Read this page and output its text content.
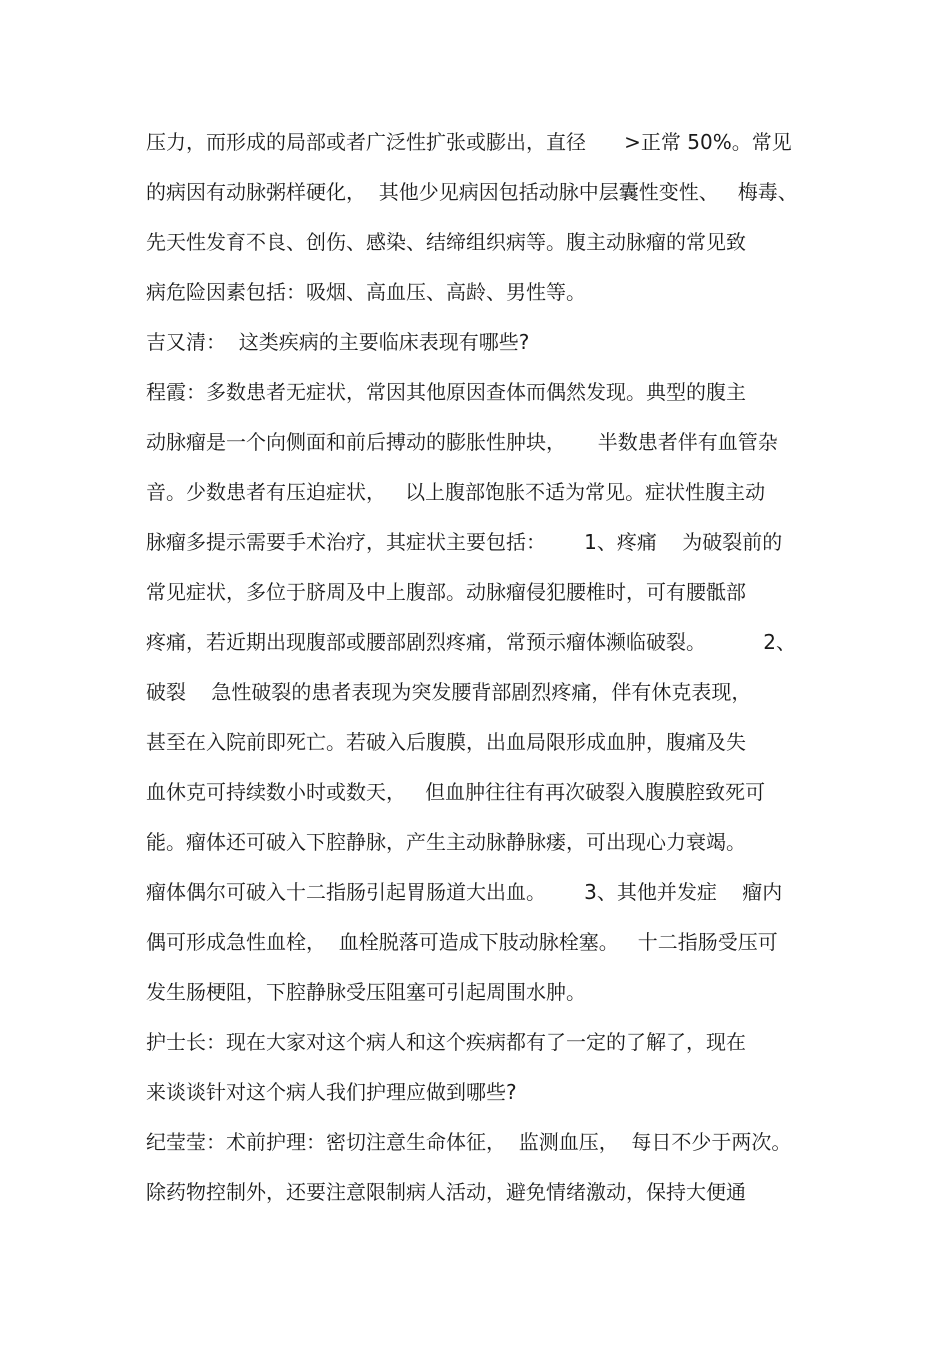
压力，而形成的局部或者广泛性扩张或膨出，直径      >正常 50%。常见
的病因有动脉粥样硬化，  其他少见病因包括动脉中层囊性变性、   梅毒、
先天性发育不良、创伤、感染、结缔组织病等。腹主动脉瘤的常见致
病危险因素包括：吸烟、高血压、高龄、男性等。
吉又清：  这类疾病的主要临床表现有哪些?
程霞：多数患者无症状，常因其他原因查体而偶然发现。典型的腹主
动脉瘤是一个向侧面和前后搏动的膨胀性肿块，     半数患者伴有血管杂
音。少数患者有压迫症状，   以上腹部饱胀不适为常见。症状性腹主动
脉瘤多提示需要手术治疗，其症状主要包括：      1、疼痛    为破裂前的
常见症状，多位于脐周及中上腹部。动脉瘤侵犯腰椎时，可有腰骶部
疼痛，若近期出现腹部或腰部剧烈疼痛，常预示瘤体濒临破裂。         2、
破裂    急性破裂的患者表现为突发腰背部剧烈疼痛，伴有休克表现，
甚至在入院前即死亡。若破入后腹膜，出血局限形成血肿，腹痛及失
血休克可持续数小时或数天，   但血肿往往有再次破裂入腹膜腔致死可
能。瘤体还可破入下腔静脉，产生主动脉静脉瘘，可出现心力衰竭。
瘤体偶尔可破入十二指肠引起胃肠道大出血。      3、其他并发症    瘤内
偶可形成急性血栓，  血栓脱落可造成下肢动脉栓塞。   十二指肠受压可
发生肠梗阻，下腔静脉受压阻塞可引起周围水肿。
护士长：现在大家对这个病人和这个疾病都有了一定的了解了，现在
来谈谈针对这个病人我们护理应做到哪些?
纪莹莹：术前护理：密切注意生命体征，  监测血压，  每日不少于两次。
除药物控制外，还要注意限制病人活动，避免情绪激动，保持大便通
